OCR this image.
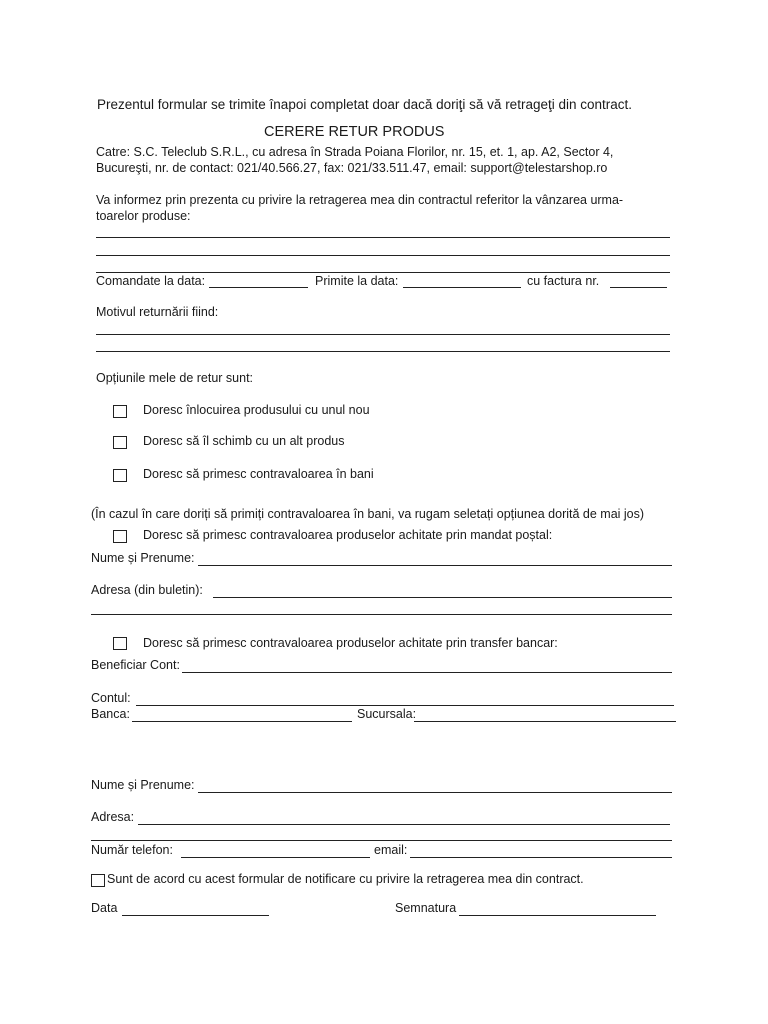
Prezentul formular se trimite înapoi completat doar dacă doriţi să vă retrageţi din contract.
CERERE RETUR PRODUS
Catre: S.C. Teleclub S.R.L., cu adresa în Strada Poiana Florilor, nr. 15, et. 1, ap. A2, Sector 4,
Bucureşti, nr. de contact: 021/40.566.27, fax: 021/33.511.47, email: support@telestarshop.ro
Va informez prin prezenta cu privire la retragerea mea din contractul referitor la vânzarea urma-
toarelor produse:
Comandate la data:	Primite la data:	cu factura nr.
Motivul returnării fiind:
Opțiunile mele de retur sunt:
Doresc înlocuirea produsului cu unul nou
Doresc să îl schimb cu un alt produs
Doresc să primesc contravaloarea în bani
(În cazul în care doriți să primiți contravaloarea în bani, va rugam seletați opțiunea dorită de mai jos)
Doresc să primesc contravaloarea produselor achitate prin mandat poștal:
Nume și Prenume:
Adresa (din buletin):
Doresc să primesc contravaloarea produselor achitate prin transfer bancar:
Beneficiar Cont:
Contul:
Banca:	Sucursala:
Nume și Prenume:
Adresa:
Număr telefon:	email:
Sunt de acord cu acest formular de notificare cu privire la retragerea mea din contract.
Data	Semnatura
